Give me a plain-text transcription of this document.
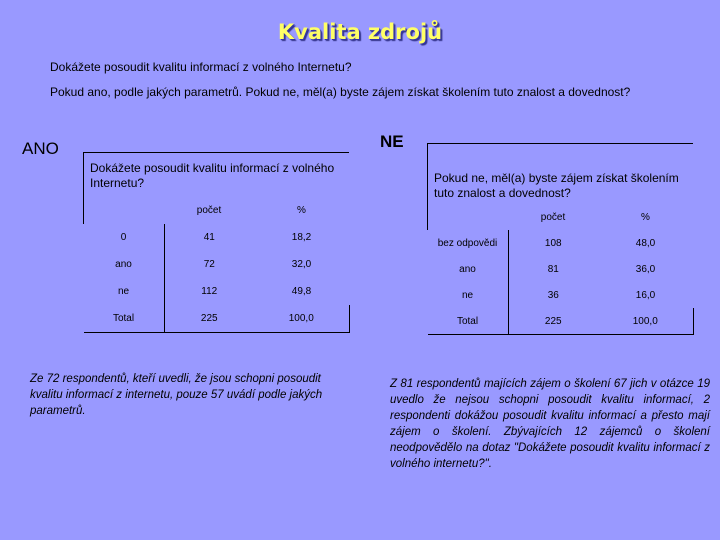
Kvalita zdrojů
Dokážete posoudit kvalitu informací z volného Internetu?
Pokud ano, podle jakých parametrů. Pokud ne, měl(a) byste zájem získat školením tuto znalost a dovednost?
ANO	NE
Dokážete posoudit kvalitu informací z volného Internetu?
	počet	%
0	41	18,2
ano	72	32,0
ne	112	49,8
Total	225	100,0
Pokud ne, měl(a) byste zájem získat školením tuto znalost a dovednost?
	počet	%
bez odpovědi	108	48,0
ano	81	36,0
ne	36	16,0
Total	225	100,0
Ze 72 respondentů, kteří uvedli, že jsou schopni posoudit kvalitu informací z internetu, pouze 57 uvádí podle jakých parametrů.
Z 81 respondentů majících zájem o školení 67 jich v otázce 19 uvedlo že nejsou schopni posoudit kvalitu informací, 2 respondenti dokážou posoudit kvalitu informací a přesto mají zájem o školení. Zbývajících 12 zájemců o školení neodpovědělo na dotaz "Dokážete posoudit kvalitu informací z volného internetu?".
